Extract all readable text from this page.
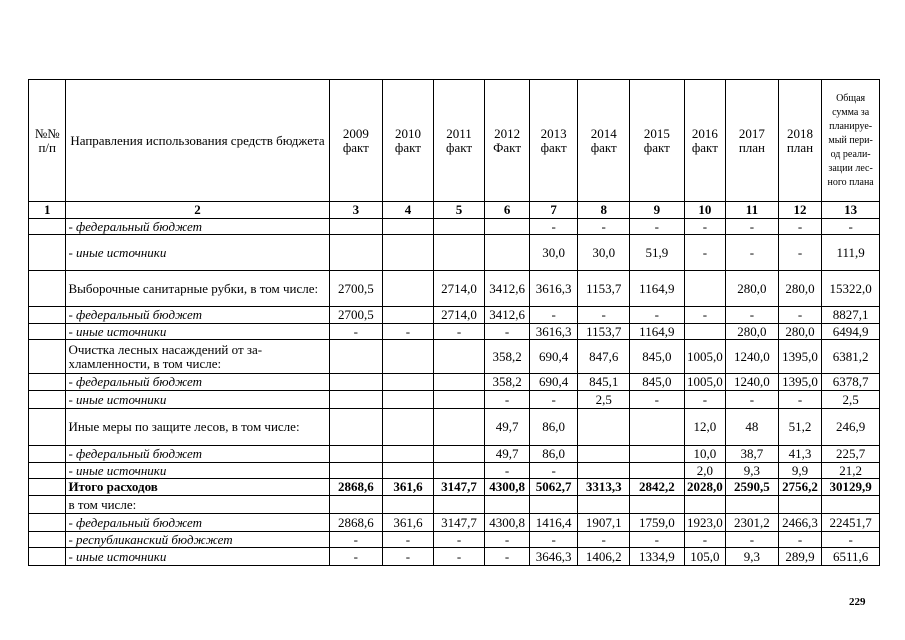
№№ п/п	Направления использования средств бюджета	2009 факт	2010 факт	2011 факт	2012 Факт	2013 факт	2014 факт	2015 факт	2016 факт	2017 план	2018 план	Общая сумма за планируе-мый пери-од реали-зации лес-ного плана
1	2	3	4	5	6	7	8	9	10	11	12	13
	- федеральный бюджет					-	-	-	-	-	-	-
	- иные источники					30,0	30,0	51,9	-	-	-	111,9
	Выборочные санитарные рубки, в том числе:	2700,5		2714,0	3412,6	3616,3	1153,7	1164,9		280,0	280,0	15322,0
	- федеральный бюджет	2700,5		2714,0	3412,6	-	-	-	-	-	-	8827,1
	- иные источники	-	-	-	-	3616,3	1153,7	1164,9		280,0	280,0	6494,9
	Очистка лесных насаждений от за-хламленности, в том числе:				358,2	690,4	847,6	845,0	1005,0	1240,0	1395,0	6381,2
	- федеральный бюджет				358,2	690,4	845,1	845,0	1005,0	1240,0	1395,0	6378,7
	- иные источники				-	-	2,5	-	-	-	-	2,5
	Иные меры по защите лесов, в том числе:				49,7	86,0			12,0	48	51,2	246,9
	- федеральный бюджет				49,7	86,0			10,0	38,7	41,3	225,7
	- иные источники				-	-			2,0	9,3	9,9	21,2
	Итого расходов	2868,6	361,6	3147,7	4300,8	5062,7	3313,3	2842,2	2028,0	2590,5	2756,2	30129,9
	в том числе:											
	- федеральный бюджет	2868,6	361,6	3147,7	4300,8	1416,4	1907,1	1759,0	1923,0	2301,2	2466,3	22451,7
	- республиканский бюджжет	-	-	-	-	-	-	-	-	-	-	-
	- иные источники	-	-	-	-	3646,3	1406,2	1334,9	105,0	9,3	289,9	6511,6
229
